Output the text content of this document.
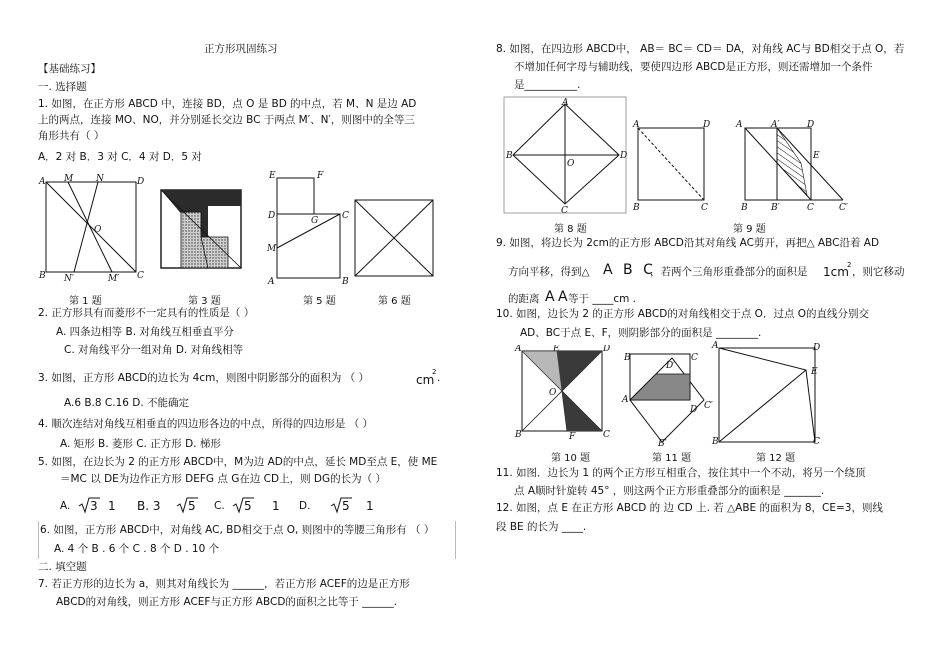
正方形巩固练习
【基础练习】
一. 选择题
1. 如图，在正方形 ABCD 中，连接 BD，点 O 是 BD 的中点，若 M、N 是边 AD
上的两点，连接 MO、NO，并分别延长交边 BC 于两点 M′、N′，则图中的全等三
角形共有（ ）
A．2 对 B．3 对 C．4 对 D．5 对
A	D
B	C
M	N
O
N′	M′
第 1 题	第 3 题
E	F
D	G	C
M
A	B
第 5 题	第 6 题
2. 正方形具有而菱形不一定具有的性质是（ ）
A. 四条边相等 B. 对角线互相垂直平分
C. 对角线平分一组对角 D. 对角线相等
3. 如图，正方形 ABCD的边长为 4cm，则图中阴影部分的面积为 （ ）	cm
2 .
A.6 B.8 C.16 D. 不能确定
4. 顺次连结对角线互相垂直的四边形各边的中点，所得的四边形是 （ ）
A. 矩形 B. 菱形 C. 正方形 D. 梯形
5. 如图，在边长为 2 的正方形 ABCD中，M为边 AD的中点，延长 MD至点 E，使 ME
＝MC 以 DE为边作正方形 DEFG 点 G在边 CD上，则 DG的长为（ ）
A. 3 1 B. 3 5 C. 5 1 D.	5 1
6. 如图，正方形 ABCD中，对角线 AC, BD相交于点 O, 则图中的等腰三角形有 （ ）
A. 4 个 B . 6 个 C . 8 个 D . 10 个
二. 填空题
7. 若正方形的边长为 a，则其对角线长为 ______，若正方形 ACEF的边是正方形
ABCD的对角线，则正方形 ACEF与正方形 ABCD的面积之比等于 ______.
8. 如图，在四边形 ABCD中， AB＝ BC＝ CD＝ DA，对角线 AC与 BD相交于点 O，若
不增加任何字母与辅助线，要使四边形 ABCD是正方形，则还需增加一个条件
是__________.
A
B	D
C
O
第 8 题
A	D
B	C
A	A′	D
E
B	B′	C	C′
第 9 题
9. 如图，将边长为 2cm的正方形 ABCD沿其对角线 AC剪开，再把△ ABC沿着 AD
方向平移，得到△ A B C
，若两个三角形重叠部分的面积是 1cm
2
，则它移动
的距离 AA
等于 ____cm .
10. 如图，边长为 2 的正方形 ABCD的对角线相交于点 O．过点 O的直线分别交
AD、BC于点 E、F，则阴影部分的面积是 ________.
A	E	D
O
B	F	C
第 10 题
B
D′
C
A
D C′
B′
第 11 题
A	D
E
B	C
第 12 题
11. 如图．边长为 1 的两个正方形互相重合，按住其中一个不动，将另一个绕顶
点 A顺时针旋转 45° ，则这两个正方形重叠部分的面积是 _______.
12. 如图，点 E 在正方形 ABCD 的 边 CD 上. 若 △ABE 的面积为 8，CE=3，则线
段 BE 的长为 ____.
